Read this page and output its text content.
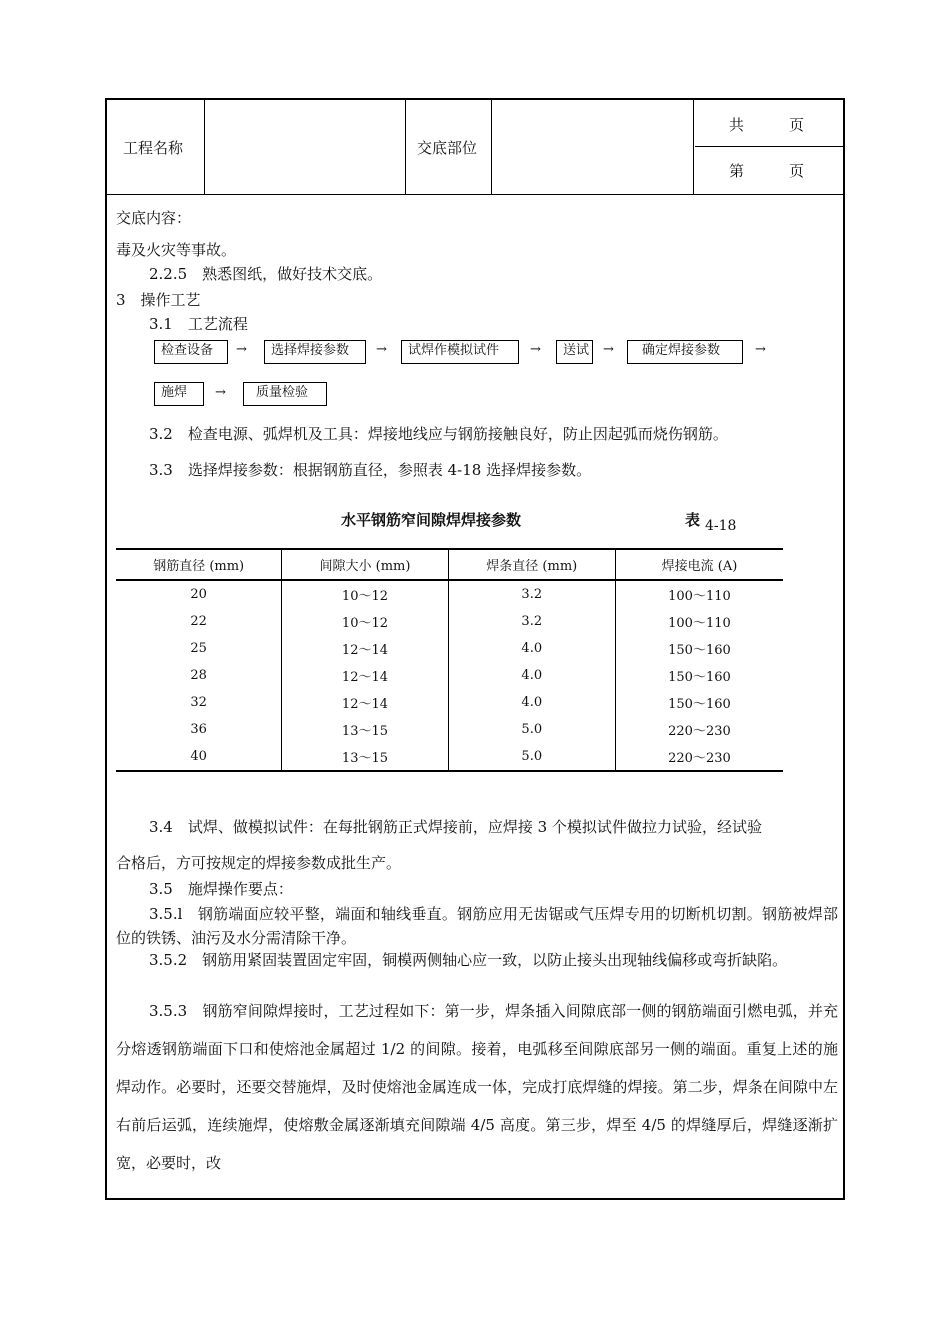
工程名称	交底部位
共　　　页
第　　　页
交底内容：
毒及火灾等事故。
2.2.5　熟悉图纸，做好技术交底。
3　操作工艺
3.1　工艺流程
检查设备	→	选择焊接参数	→	试焊作模拟试件	→	送试	→	确定焊接参数	→
施焊	→	质量检验
3.2　检查电源、弧焊机及工具：焊接地线应与钢筋接触良好，防止因起弧而烧伤钢筋。
3.3　选择焊接参数：根据钢筋直径，参照表 4-18 选择焊接参数。
水平钢筋窄间隙焊焊接参数	表 4-18
钢筋直径 (mm)	间隙大小 (mm)	焊条直径 (mm)	焊接电流 (A)
20	10～12	3.2	100～110
22	10～12	3.2	100～110
25	12～14	4.0	150～160
28	12～14	4.0	150～160
32	12～14	4.0	150～160
36	13～15	5.0	220～230
40	13～15	5.0	220～230
3.4　试焊、做模拟试件：在每批钢筋正式焊接前，应焊接 3 个模拟试件做拉力试验，经试验
合格后，方可按规定的焊接参数成批生产。
3.5　施焊操作要点：
3.5.l　钢筋端面应较平整，端面和轴线垂直。钢筋应用无齿锯或气压焊专用的切断机切割。钢筋被焊部位的铁锈、油污及水分需清除干净。
3.5.2　钢筋用紧固装置固定牢固，铜模两侧轴心应一致，以防止接头出现轴线偏移或弯折缺陷。
3.5.3　钢筋窄间隙焊接时，工艺过程如下：第一步，焊条插入间隙底部一侧的钢筋端面引燃电弧，并充分熔透钢筋端面下口和使熔池金属超过 1/2 的间隙。接着，电弧移至间隙底部另一侧的端面。重复上述的施焊动作。必要时，还要交替施焊，及时使熔池金属连成一体，完成打底焊缝的焊接。第二步，焊条在间隙中左右前后运弧，连续施焊，使熔敷金属逐渐填充间隙端 4/5 高度。第三步，焊至 4/5 的焊缝厚后，焊缝逐渐扩宽，必要时，改
